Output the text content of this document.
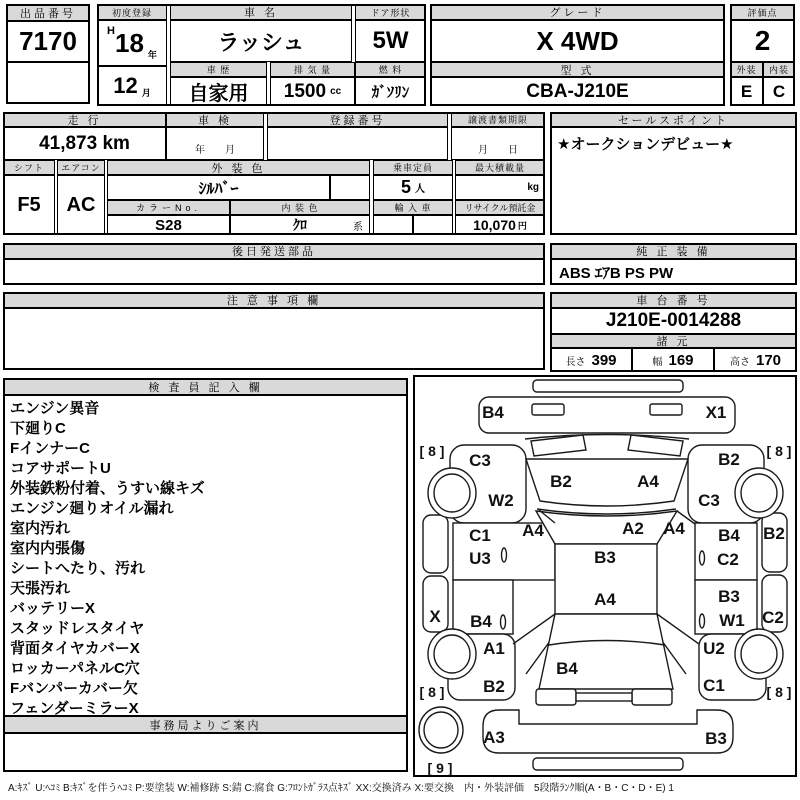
出品番号
7170
初度登録
H 18 年
12 月
車 名
ラッシュ
ドア形状
5W
グレード
X 4WD
評価点
2
車 歴
自家用
排 気 量
1500 cc
燃 料
ｶﾞｿﾘﾝ
型 式
CBA-J210E
外装	内装
E	C
走 行
41,873 km
車 検
年　　月
登録番号	譲渡書類期限
月　　日
セールスポイント
★オークションデビュー★
シフト
F5
エアコン
AC
外 装 色
ｼﾙﾊﾞｰ
乗車定員
5 人
最大積載量
kg
カラーNo.
S28
内 装 色
ｸﾛ	系
輸 入 車	リサイクル預託金
10,070 円
後日発送部品	純 正 装 備
ABS ｴｱB PS PW
注 意 事 項 欄	車 台 番 号
J210E-0014288
諸 元
長さ 399	幅 169	高さ 170
検 査 員 記 入 欄
エンジン異音
下廻りC
FインナーC
コアサポートU
外装鉄粉付着、うすい線キズ
エンジン廻りオイル漏れ
室内汚れ
室内内張傷
シートへたり、汚れ
天張汚れ
バッテリーX
スタッドレスタイヤ
背面タイヤカバーX
ロッカーパネルC穴
Fバンパーカバー欠
フェンダーミラーX
事務局よりご案内
B4	X1
[ 8 ]	[ 8 ]
C3	B2
B2	A4
W2	C3
C1 A4	A2 A4 B4 B2
U3	B3	C2
B3
A4
X B4	W1 C2
A1	U2
B4
B2	C1
[ 8 ]	[ 8 ]
A3	B3
[ 9 ]
A:ｷｽﾞ U:ﾍｺﾐ B:ｷｽﾞを伴うﾍｺﾐ P:要塗装 W:補修跡 S:錆 C:腐食 G:ﾌﾛﾝﾄｶﾞﾗｽ点ｷｽﾞ XX:交換済み X:要交換　内・外装評価　5段階ﾗﾝｸ順(A・B・C・D・E) 1
